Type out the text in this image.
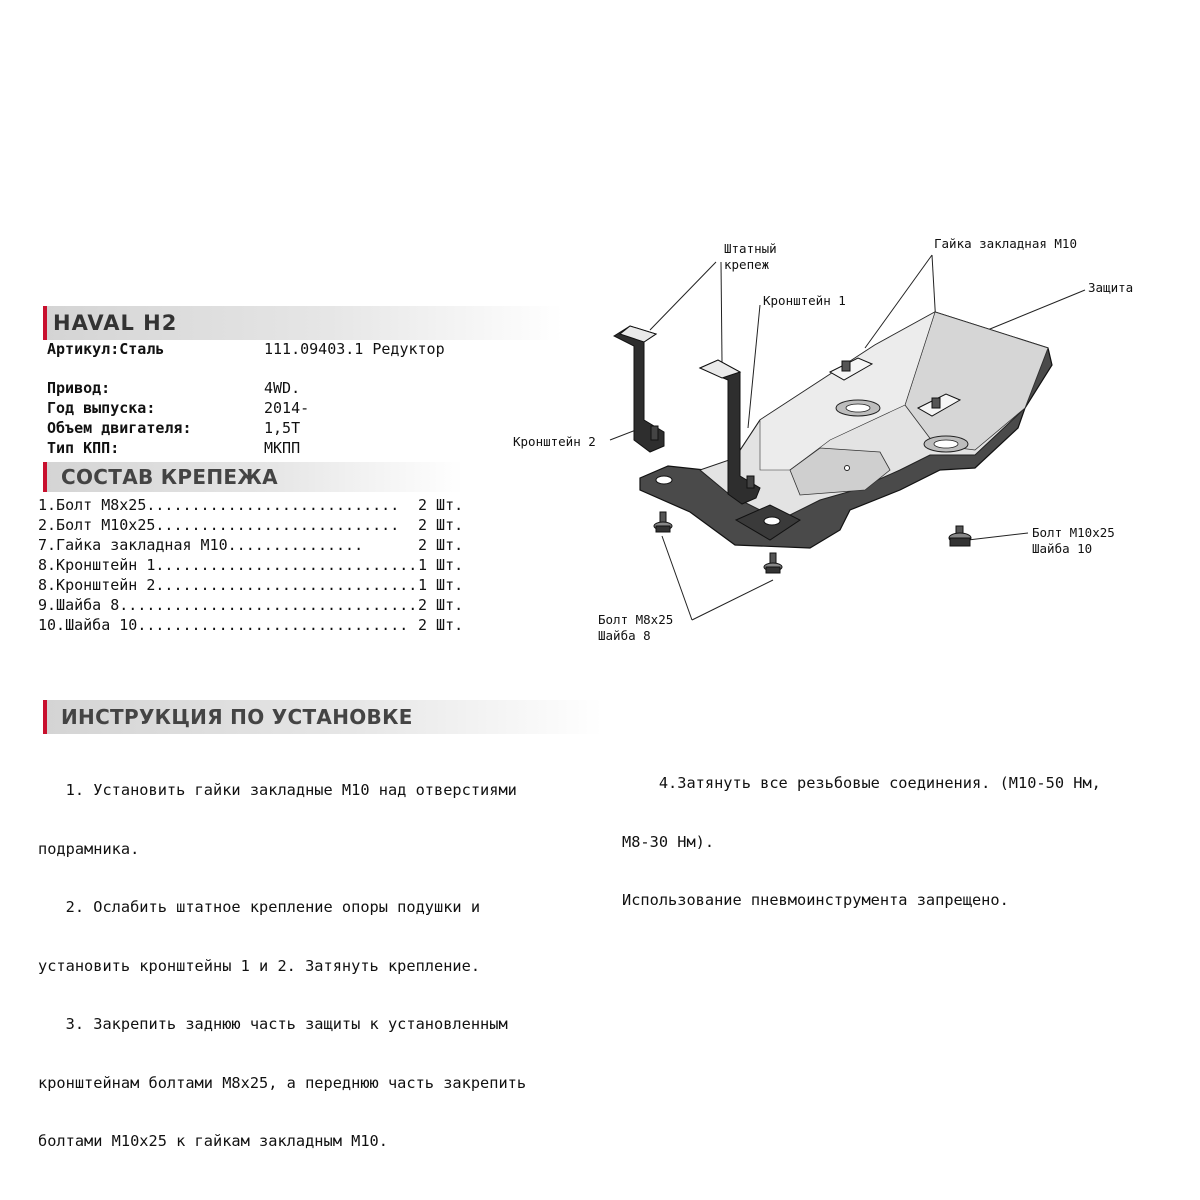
HAVAL H2
Артикул:Сталь	111.09403.1 Редуктор
Привод:	4WD.
Год выпуска:	2014-
Объем двигателя:	1,5T
Тип КПП:	МКПП
СОСТАВ КРЕПЕЖА
1.Болт М8х25............................ 2 Шт.
2.Болт М10х25........................... 2 Шт.
7.Гайка закладная М10...............	2 Шт.
8.Кронштейн 1............................. 1 Шт.
8.Кронштейн 2............................. 1 Шт.
9.Шайба 8................................. 2 Шт.
10.Шайба 10.............................. 2 Шт.
ИНСТРУКЦИЯ ПО УСТАНОВКЕ

1. Установить гайки закладные М10 над отверстиями

подрамника.

2. Ослабить штатное крепление опоры подушки и

установить кронштейны 1 и 2. Затянуть крепление.

3. Закрепить заднюю часть защиты к установленным

кронштейнам болтами М8х25, а переднюю часть закрепить

болтами М10х25 к гайкам закладным М10.

4.Затянуть все резьбовые соединения. (М10-50 Нм,

М8-30 Нм).

Использование пневмоинструмента запрещено.

Штатный
крепеж
Гайка закладная М10
Защита
Кронштейн 1
Кронштейн 2
Болт М10х25
Шайба 10
Болт М8х25
Шайба 8
